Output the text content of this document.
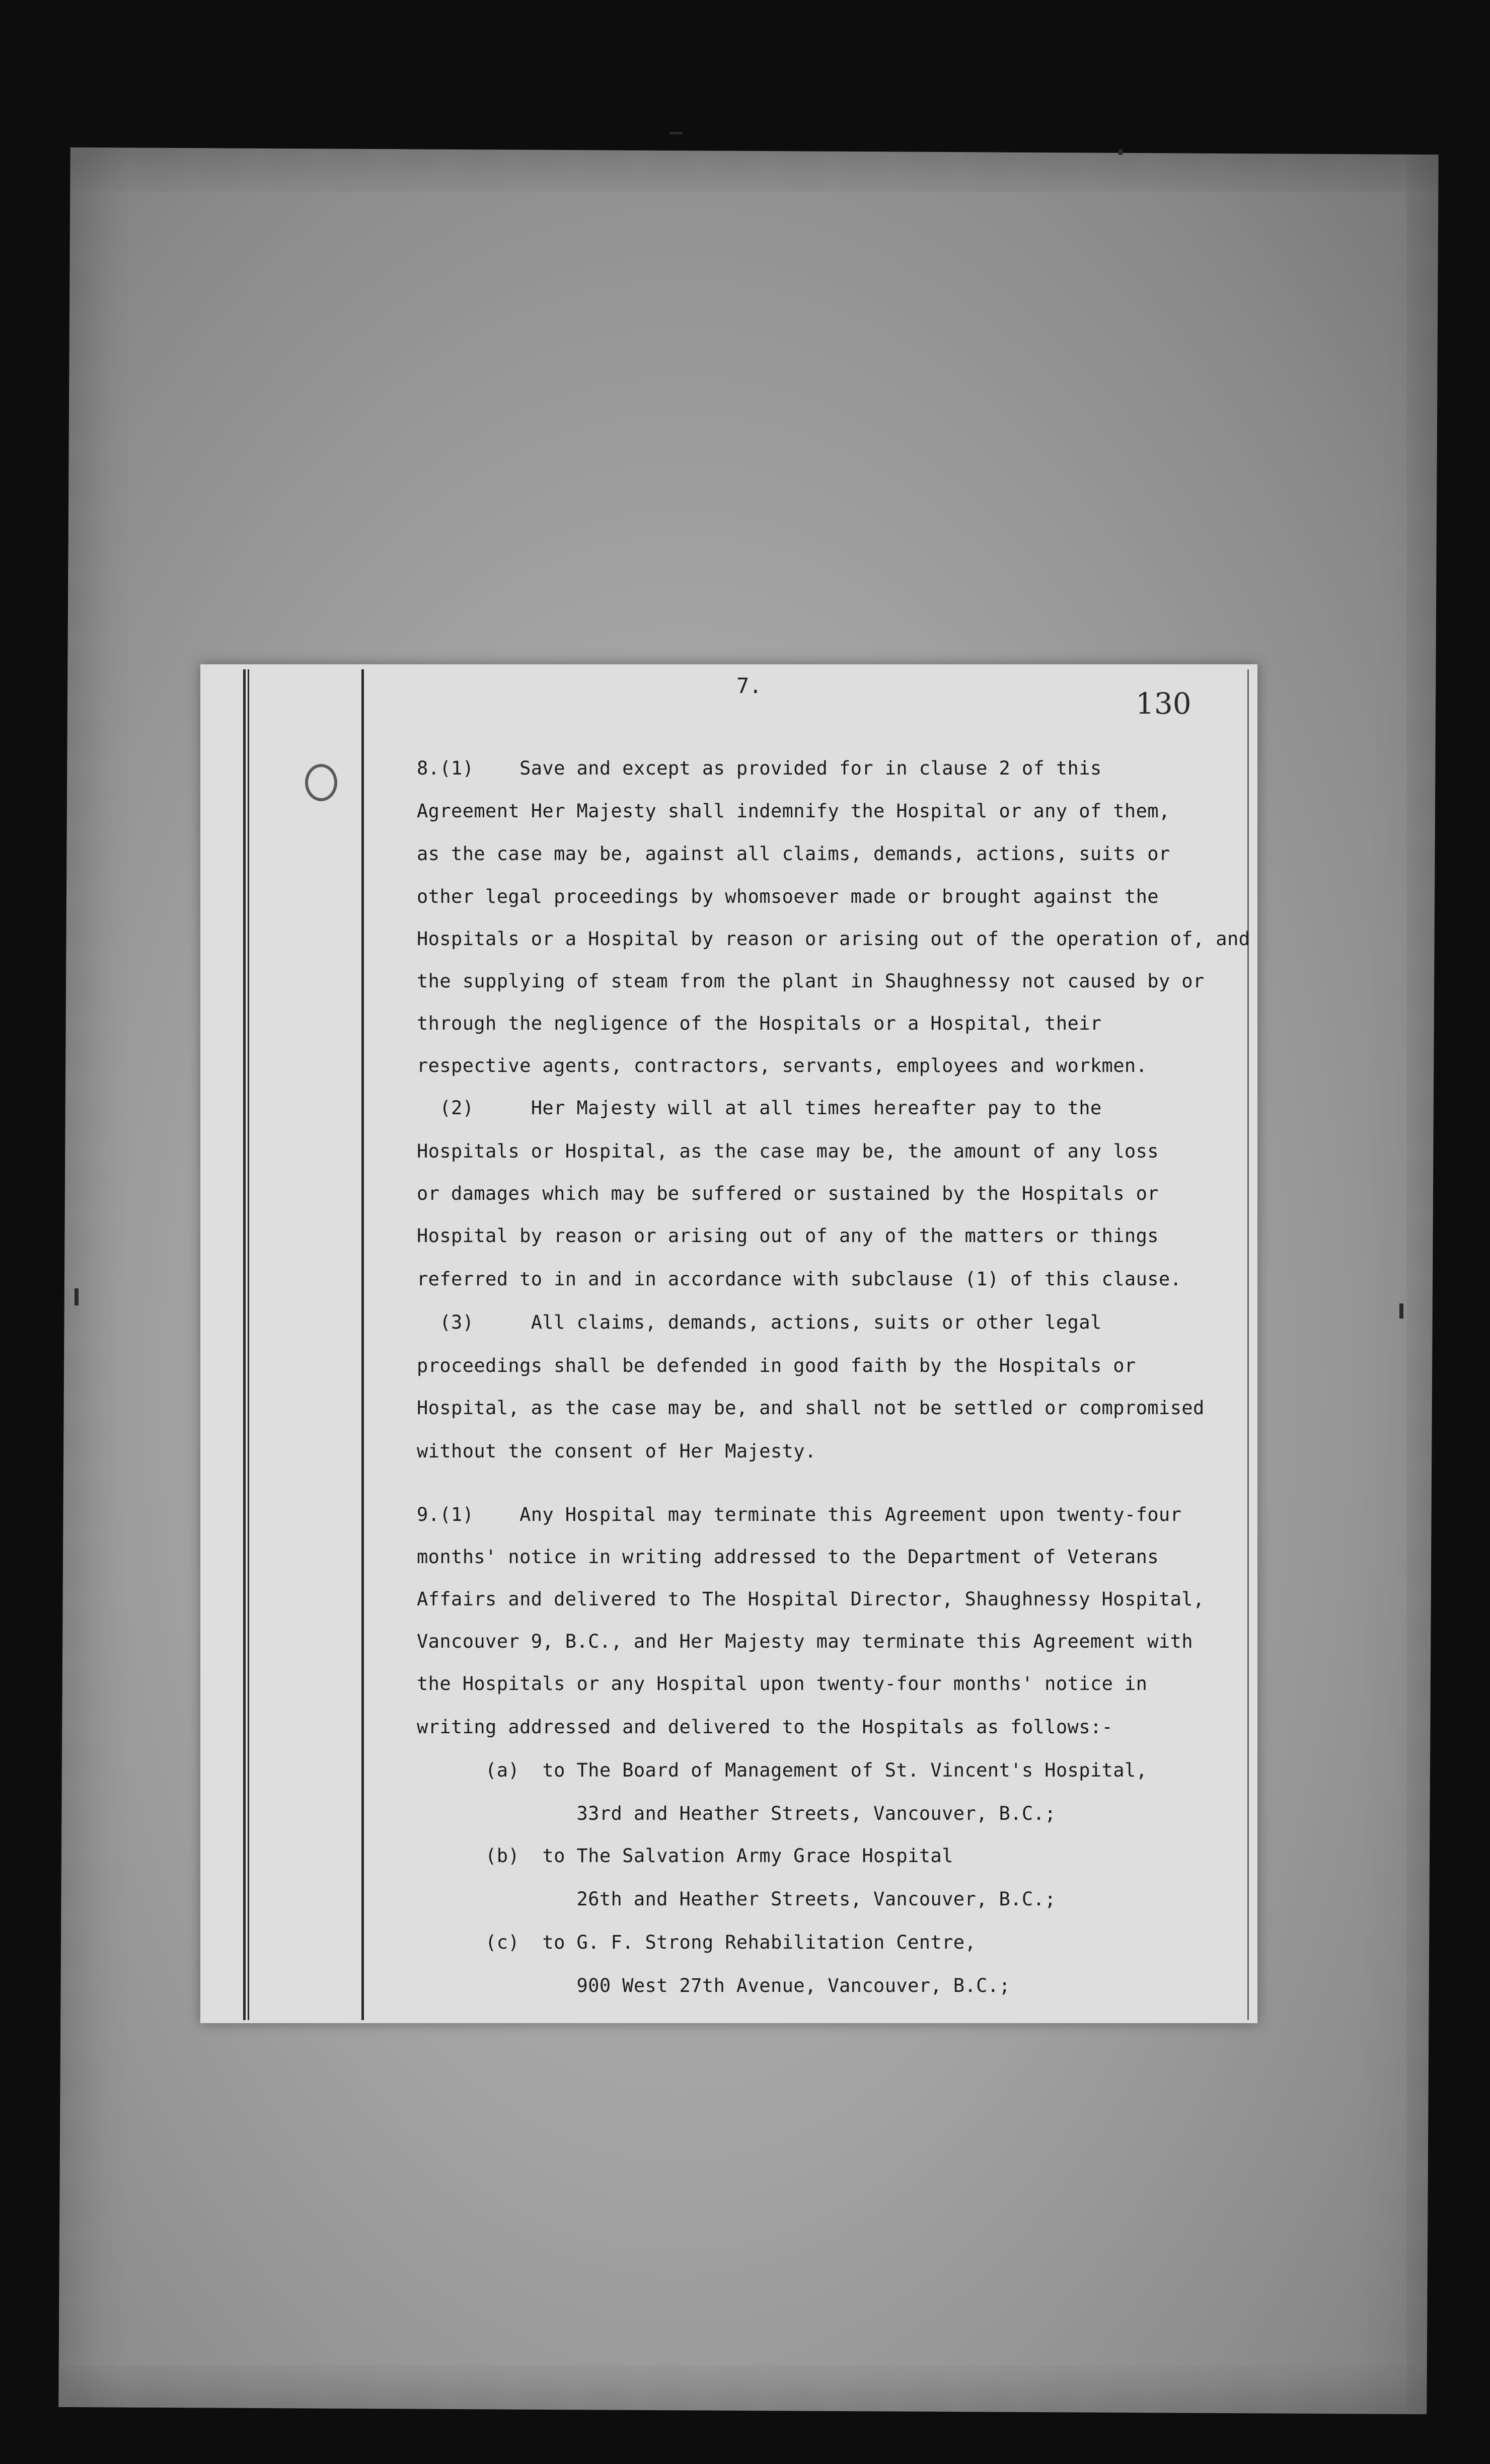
7.
130
8.(1)    Save and except as provided for in clause 2 of this
Agreement Her Majesty shall indemnify the Hospital or any of them,
as the case may be, against all claims, demands, actions, suits or
other legal proceedings by whomsoever made or brought against the
Hospitals or a Hospital by reason or arising out of the operation of, and
the supplying of steam from the plant in Shaughnessy not caused by or
through the negligence of the Hospitals or a Hospital, their
respective agents, contractors, servants, employees and workmen.
(2)     Her Majesty will at all times hereafter pay to the
Hospitals or Hospital, as the case may be, the amount of any loss
or damages which may be suffered or sustained by the Hospitals or
Hospital by reason or arising out of any of the matters or things
referred to in and in accordance with subclause (1) of this clause.
(3)     All claims, demands, actions, suits or other legal
proceedings shall be defended in good faith by the Hospitals or
Hospital, as the case may be, and shall not be settled or compromised
without the consent of Her Majesty.
9.(1)    Any Hospital may terminate this Agreement upon twenty-four
months' notice in writing addressed to the Department of Veterans
Affairs and delivered to The Hospital Director, Shaughnessy Hospital,
Vancouver 9, B.C., and Her Majesty may terminate this Agreement with
the Hospitals or any Hospital upon twenty-four months' notice in
writing addressed and delivered to the Hospitals as follows:-
(a)  to The Board of Management of St. Vincent's Hospital,
33rd and Heather Streets, Vancouver, B.C.;
(b)  to The Salvation Army Grace Hospital
26th and Heather Streets, Vancouver, B.C.;
(c)  to G. F. Strong Rehabilitation Centre,
900 West 27th Avenue, Vancouver, B.C.;
